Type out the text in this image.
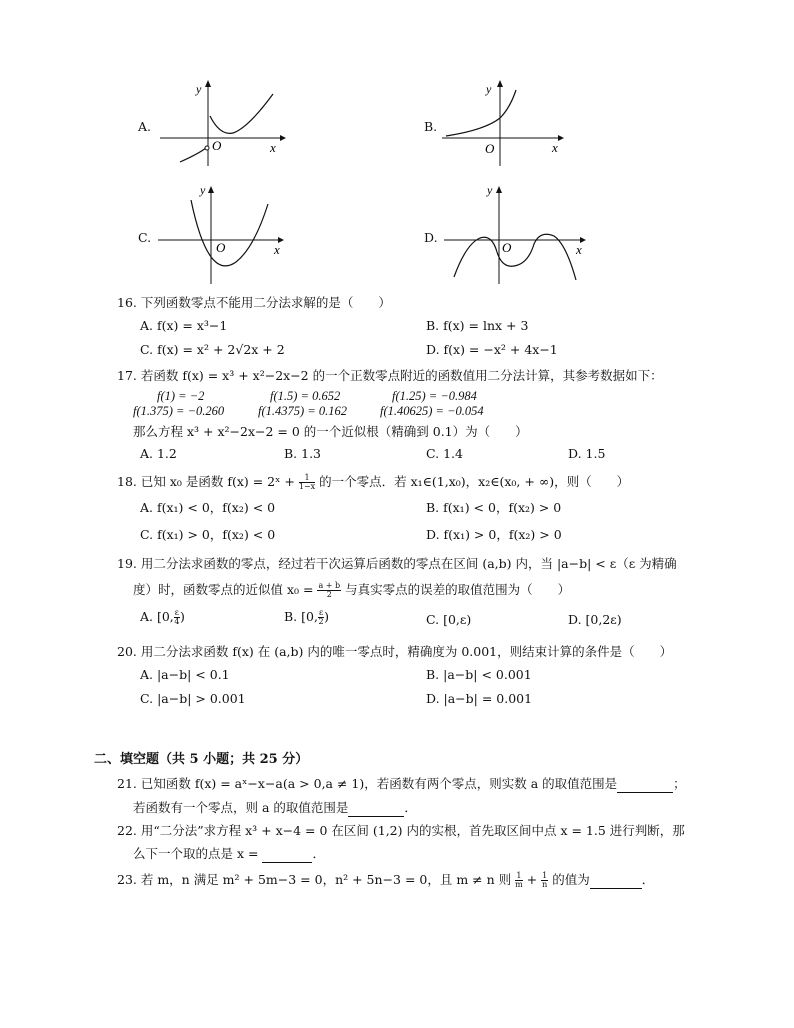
A.
y
O	x
B.
y
O	x
C.
y
O	x
D.
y
O	x
16. 下列函数零点不能用二分法求解的是（　　）
A. f(x) = x³−1	B. f(x) = lnx + 3
C. f(x) = x² + 2√2x + 2	D. f(x) = −x² + 4x−1
17. 若函数 f(x) = x³ + x²−2x−2 的一个正数零点附近的函数值用二分法计算，其参考数据如下：
f(1) = −2	f(1.5) = 0.652	f(1.25) = −0.984
f(1.375) = −0.260	f(1.4375) = 0.162	f(1.40625) = −0.054
那么方程 x³ + x²−2x−2 = 0 的一个近似根（精确到 0.1）为（　　）
A. 1.2	B. 1.3	C. 1.4	D. 1.5
18. 已知 x₀ 是函数 f(x) = 2ˣ + $\frac{1}{1-x}$ 的一个零点．若 x₁∈(1,x₀)，x₂∈(x₀, + ∞)，则（　　）
A. f(x₁) < 0，f(x₂) < 0	B. f(x₁) < 0，f(x₂) > 0
C. f(x₁) > 0，f(x₂) < 0	D. f(x₁) > 0，f(x₂) > 0
19. 用二分法求函数的零点，经过若干次运算后函数的零点在区间 (a,b) 内，当 |a−b| < ε（ε 为精确
度）时，函数零点的近似值 $x_0 = \frac{a + b}{2}$ 与真实零点的误差的取值范围为（　　）
A. [0, $\frac{\varepsilon}{4}$ )	B. [0, $\frac{\varepsilon}{2}$ )	C. [0,ε)	D. [0,2ε)
20. 用二分法求函数 f(x) 在 (a,b) 内的唯一零点时，精确度为 0.001，则结束计算的条件是（　　）
A. |a−b| < 0.1	B. |a−b| < 0.001
C. |a−b| > 0.001	D. |a−b| = 0.001
二、填空题（共 5 小题；共 25 分）
21. 已知函数 f(x) = aˣ−x−a(a > 0,a ≠ 1)，若函数有两个零点，则实数 a 的取值范围是	；
若函数有一个零点，则 a 的取值范围是	．
22. 用“二分法”求方程 x³ + x−4 = 0 在区间 (1,2) 内的实根，首先取区间中点 x = 1.5 进行判断，那
么下一个取的点是 x =	．
23. 若 m，n 满足 m² + 5m−3 = 0，n² + 5n−3 = 0，且 m ≠ n 则 $\frac{1}{m} + \frac{1}{n}$ 的值为	．
